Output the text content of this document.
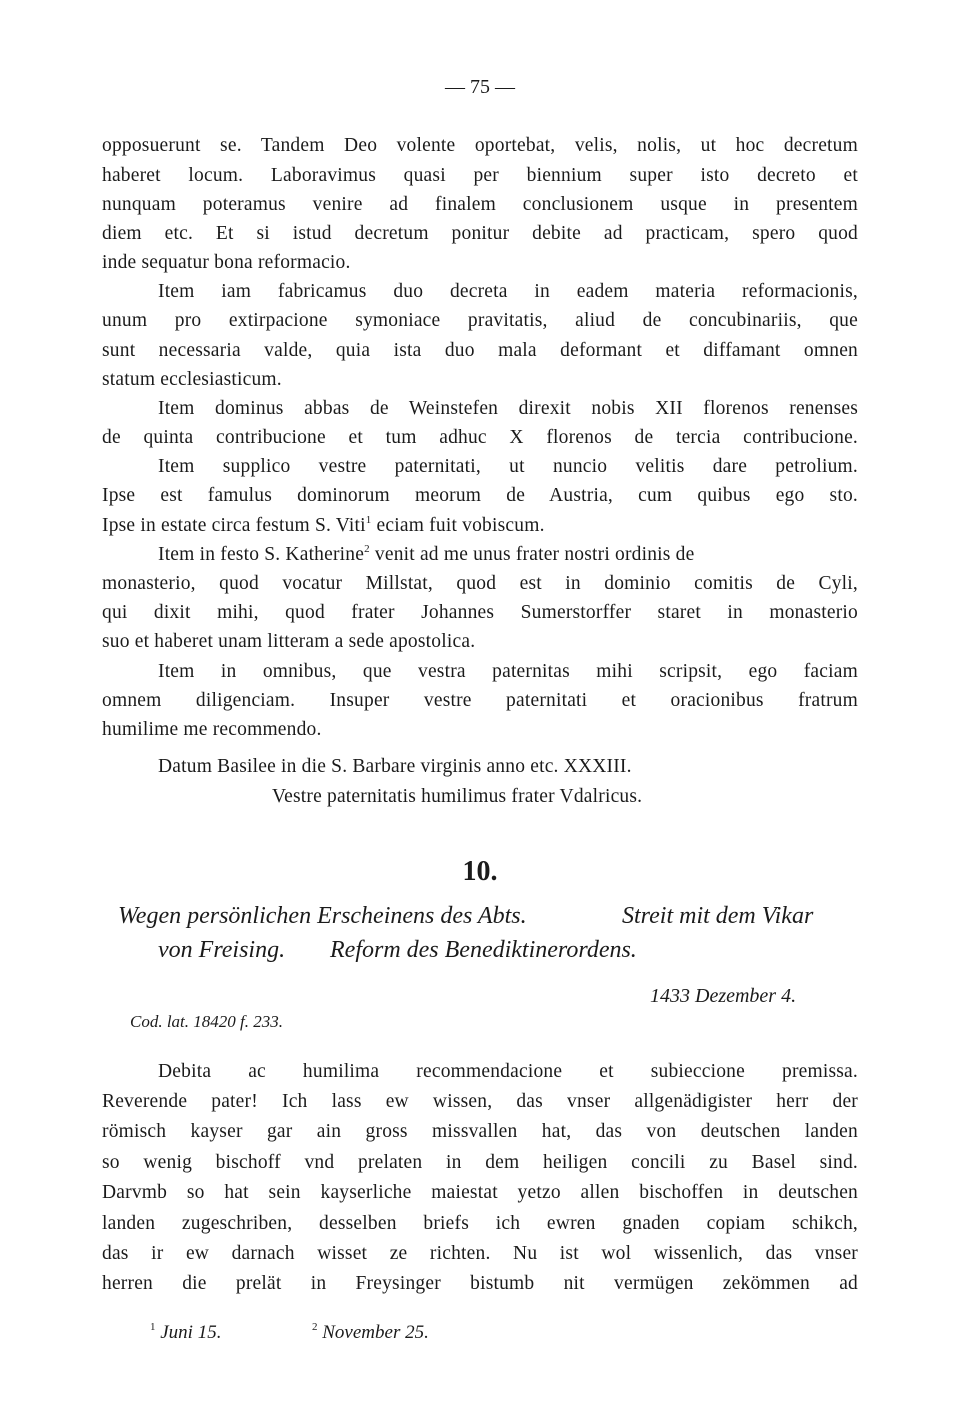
— 75 —
opposuerunt se. Tandem Deo volente oportebat, velis, nolis, ut hoc decretum
haberet locum. Laboravimus quasi per biennium super isto decreto et
nunquam poteramus venire ad finalem conclusionem usque in presentem
diem etc. Et si istud decretum ponitur debite ad practicam, spero quod
inde sequatur bona reformacio.
Item iam fabricamus duo decreta in eadem materia reformacionis,
unum pro extirpacione symoniace pravitatis, aliud de concubinariis, que
sunt necessaria valde, quia ista duo mala deformant et diffamant omnen
statum ecclesiasticum.
Item dominus abbas de Weinstefen direxit nobis XII florenos renenses
de quinta contribucione et tum adhuc X florenos de tercia contribucione.
Item supplico vestre paternitati, ut nuncio velitis dare petrolium.
Ipse est famulus dominorum meorum de Austria, cum quibus ego sto.
Ipse in estate circa festum S. Viti$^1$ eciam fuit vobiscum.
Item in festo S. Katherine$^2$ venit ad me unus frater nostri ordinis de
monasterio, quod vocatur Millstat, quod est in dominio comitis de Cyli,
qui dixit mihi, quod frater Johannes Sumerstorffer staret in monasterio
suo et haberet unam litteram a sede apostolica.
Item in omnibus, que vestra paternitas mihi scripsit, ego faciam
omnem diligenciam. Insuper vestre paternitati et oracionibus fratrum
humilime me recommendo.
Datum Basilee in die S. Barbare virginis anno etc. XXXIII.
Vestre paternitatis humilimus frater Vdalricus.
10.
Wegen persönlichen Erscheinens des Abts.	Streit mit dem Vikar
von Freising. Reform des Benediktinerordens.
1433 Dezember 4.
Cod. lat. 18420 f. 233.
Debita ac humilima recommendacione et subieccione premissa.
Reverende pater! Ich lass ew wissen, das vnser allgenädigister herr der
römisch kayser gar ain gross missvallen hat, das von deutschen landen
so wenig bischoff vnd prelaten in dem heiligen concili zu Basel sind.
Darvmb so hat sein kayserliche maiestat yetzo allen bischoffen in deutschen
landen zugeschriben, desselben briefs ich ewren gnaden copiam schikch,
das ir ew darnach wisset ze richten. Nu ist wol wissenlich, das vnser
herren die prelät in Freysinger bistumb nit vermügen zekömmen ad
$^1$ Juni 15.	$^2$ November 25.
